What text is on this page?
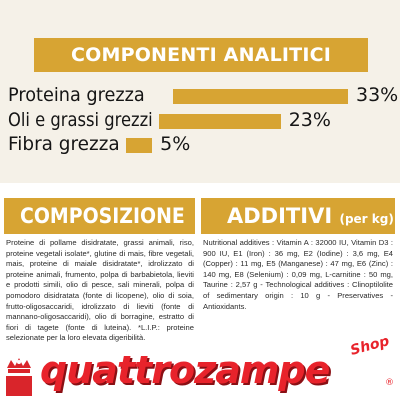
COMPONENTI ANALITICI
Proteina grezza	33%
Oli e grassi grezzi	23%
Fibra grezza 5%
COMPOSIZIONE ADDITIVI (per kg)
Proteine di pollame disidratate, grassi animali, riso, proteine vegetali isolate*, glutine di mais, fibre vegetali, mais, proteine di maiale disidratate*, idrolizzato di proteine animali, frumento, polpa di barbabietola, lieviti e prodotti simili, olio di pesce, sali minerali, polpa di pomodoro disidratata (fonte di licopene), olio di soia, frutto-oligosaccaridi, idrolizzato di lieviti (fonte di mannano-oligosaccaridi), olio di borragine, estratto di fiori di tagete (fonte di luteina). *L.I.P.: proteine selezionate per la loro elevata digeribilità.
Nutritional additives : Vitamin A : 32000 IU, Vitamin D3 : 900 IU, E1 (Iron) : 36 mg, E2 (Iodine) : 3,6 mg, E4 (Copper) : 11 mg, E5 (Manganese) : 47 mg, E6 (Zinc) : 140 mg, E8 (Selenium) : 0,09 mg, L-carnitine : 50 mg, Taurine : 2,57 g - Technological additives : Clinoptilolite of sedimentary origin : 10 g - Preservatives - Antioxidants.
quattrozampe
Shop
®
